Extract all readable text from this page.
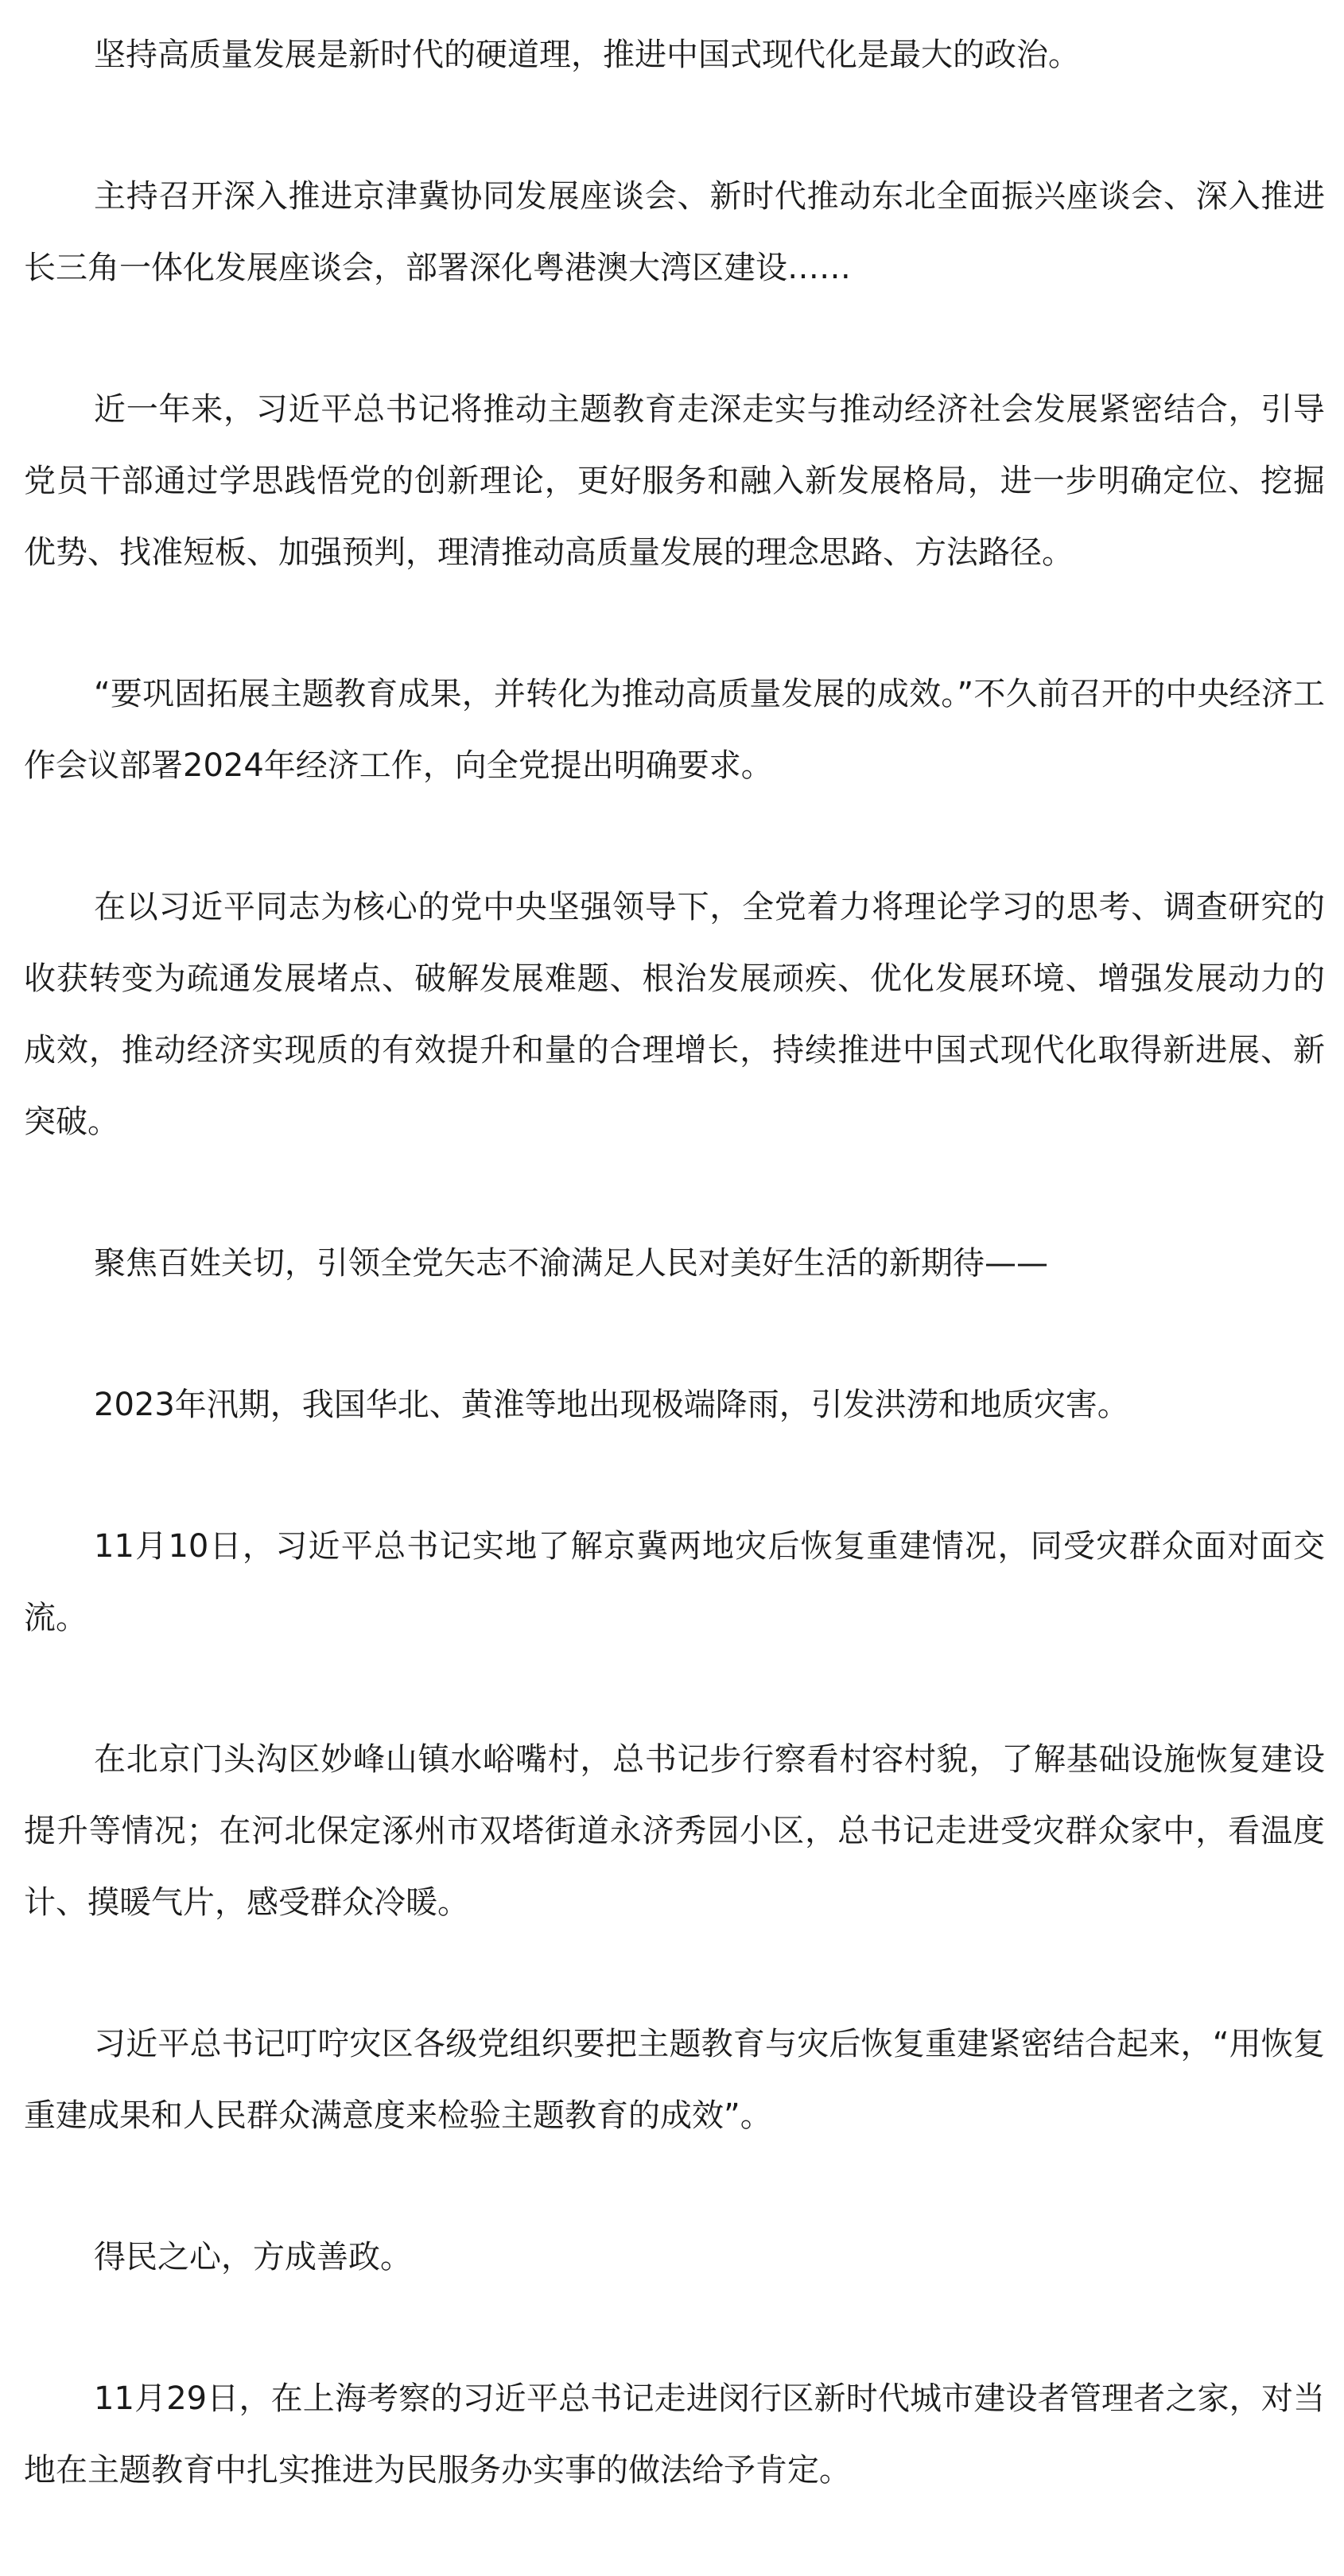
坚持高质量发展是新时代的硬道理，推进中国式现代化是最大的政治。

主持召开深入推进京津冀协同发展座谈会、新时代推动东北全面振兴座谈会、深入推进长三角一体化发展座谈会，部署深化粤港澳大湾区建设……

近一年来，习近平总书记将推动主题教育走深走实与推动经济社会发展紧密结合，引导党员干部通过学思践悟党的创新理论，更好服务和融入新发展格局，进一步明确定位、挖掘优势、找准短板、加强预判，理清推动高质量发展的理念思路、方法路径。

“要巩固拓展主题教育成果，并转化为推动高质量发展的成效。”不久前召开的中央经济工作会议部署2024年经济工作，向全党提出明确要求。

在以习近平同志为核心的党中央坚强领导下，全党着力将理论学习的思考、调查研究的收获转变为疏通发展堵点、破解发展难题、根治发展顽疾、优化发展环境、增强发展动力的成效，推动经济实现质的有效提升和量的合理增长，持续推进中国式现代化取得新进展、新突破。

聚焦百姓关切，引领全党矢志不渝满足人民对美好生活的新期待——

2023年汛期，我国华北、黄淮等地出现极端降雨，引发洪涝和地质灾害。

11月10日，习近平总书记实地了解京冀两地灾后恢复重建情况，同受灾群众面对面交流。

在北京门头沟区妙峰山镇水峪嘴村，总书记步行察看村容村貌，了解基础设施恢复建设提升等情况；在河北保定涿州市双塔街道永济秀园小区，总书记走进受灾群众家中，看温度计、摸暖气片，感受群众冷暖。

习近平总书记叮咛灾区各级党组织要把主题教育与灾后恢复重建紧密结合起来，“用恢复重建成果和人民群众满意度来检验主题教育的成效”。

得民之心，方成善政。

11月29日，在上海考察的习近平总书记走进闵行区新时代城市建设者管理者之家，对当地在主题教育中扎实推进为民服务办实事的做法给予肯定。
